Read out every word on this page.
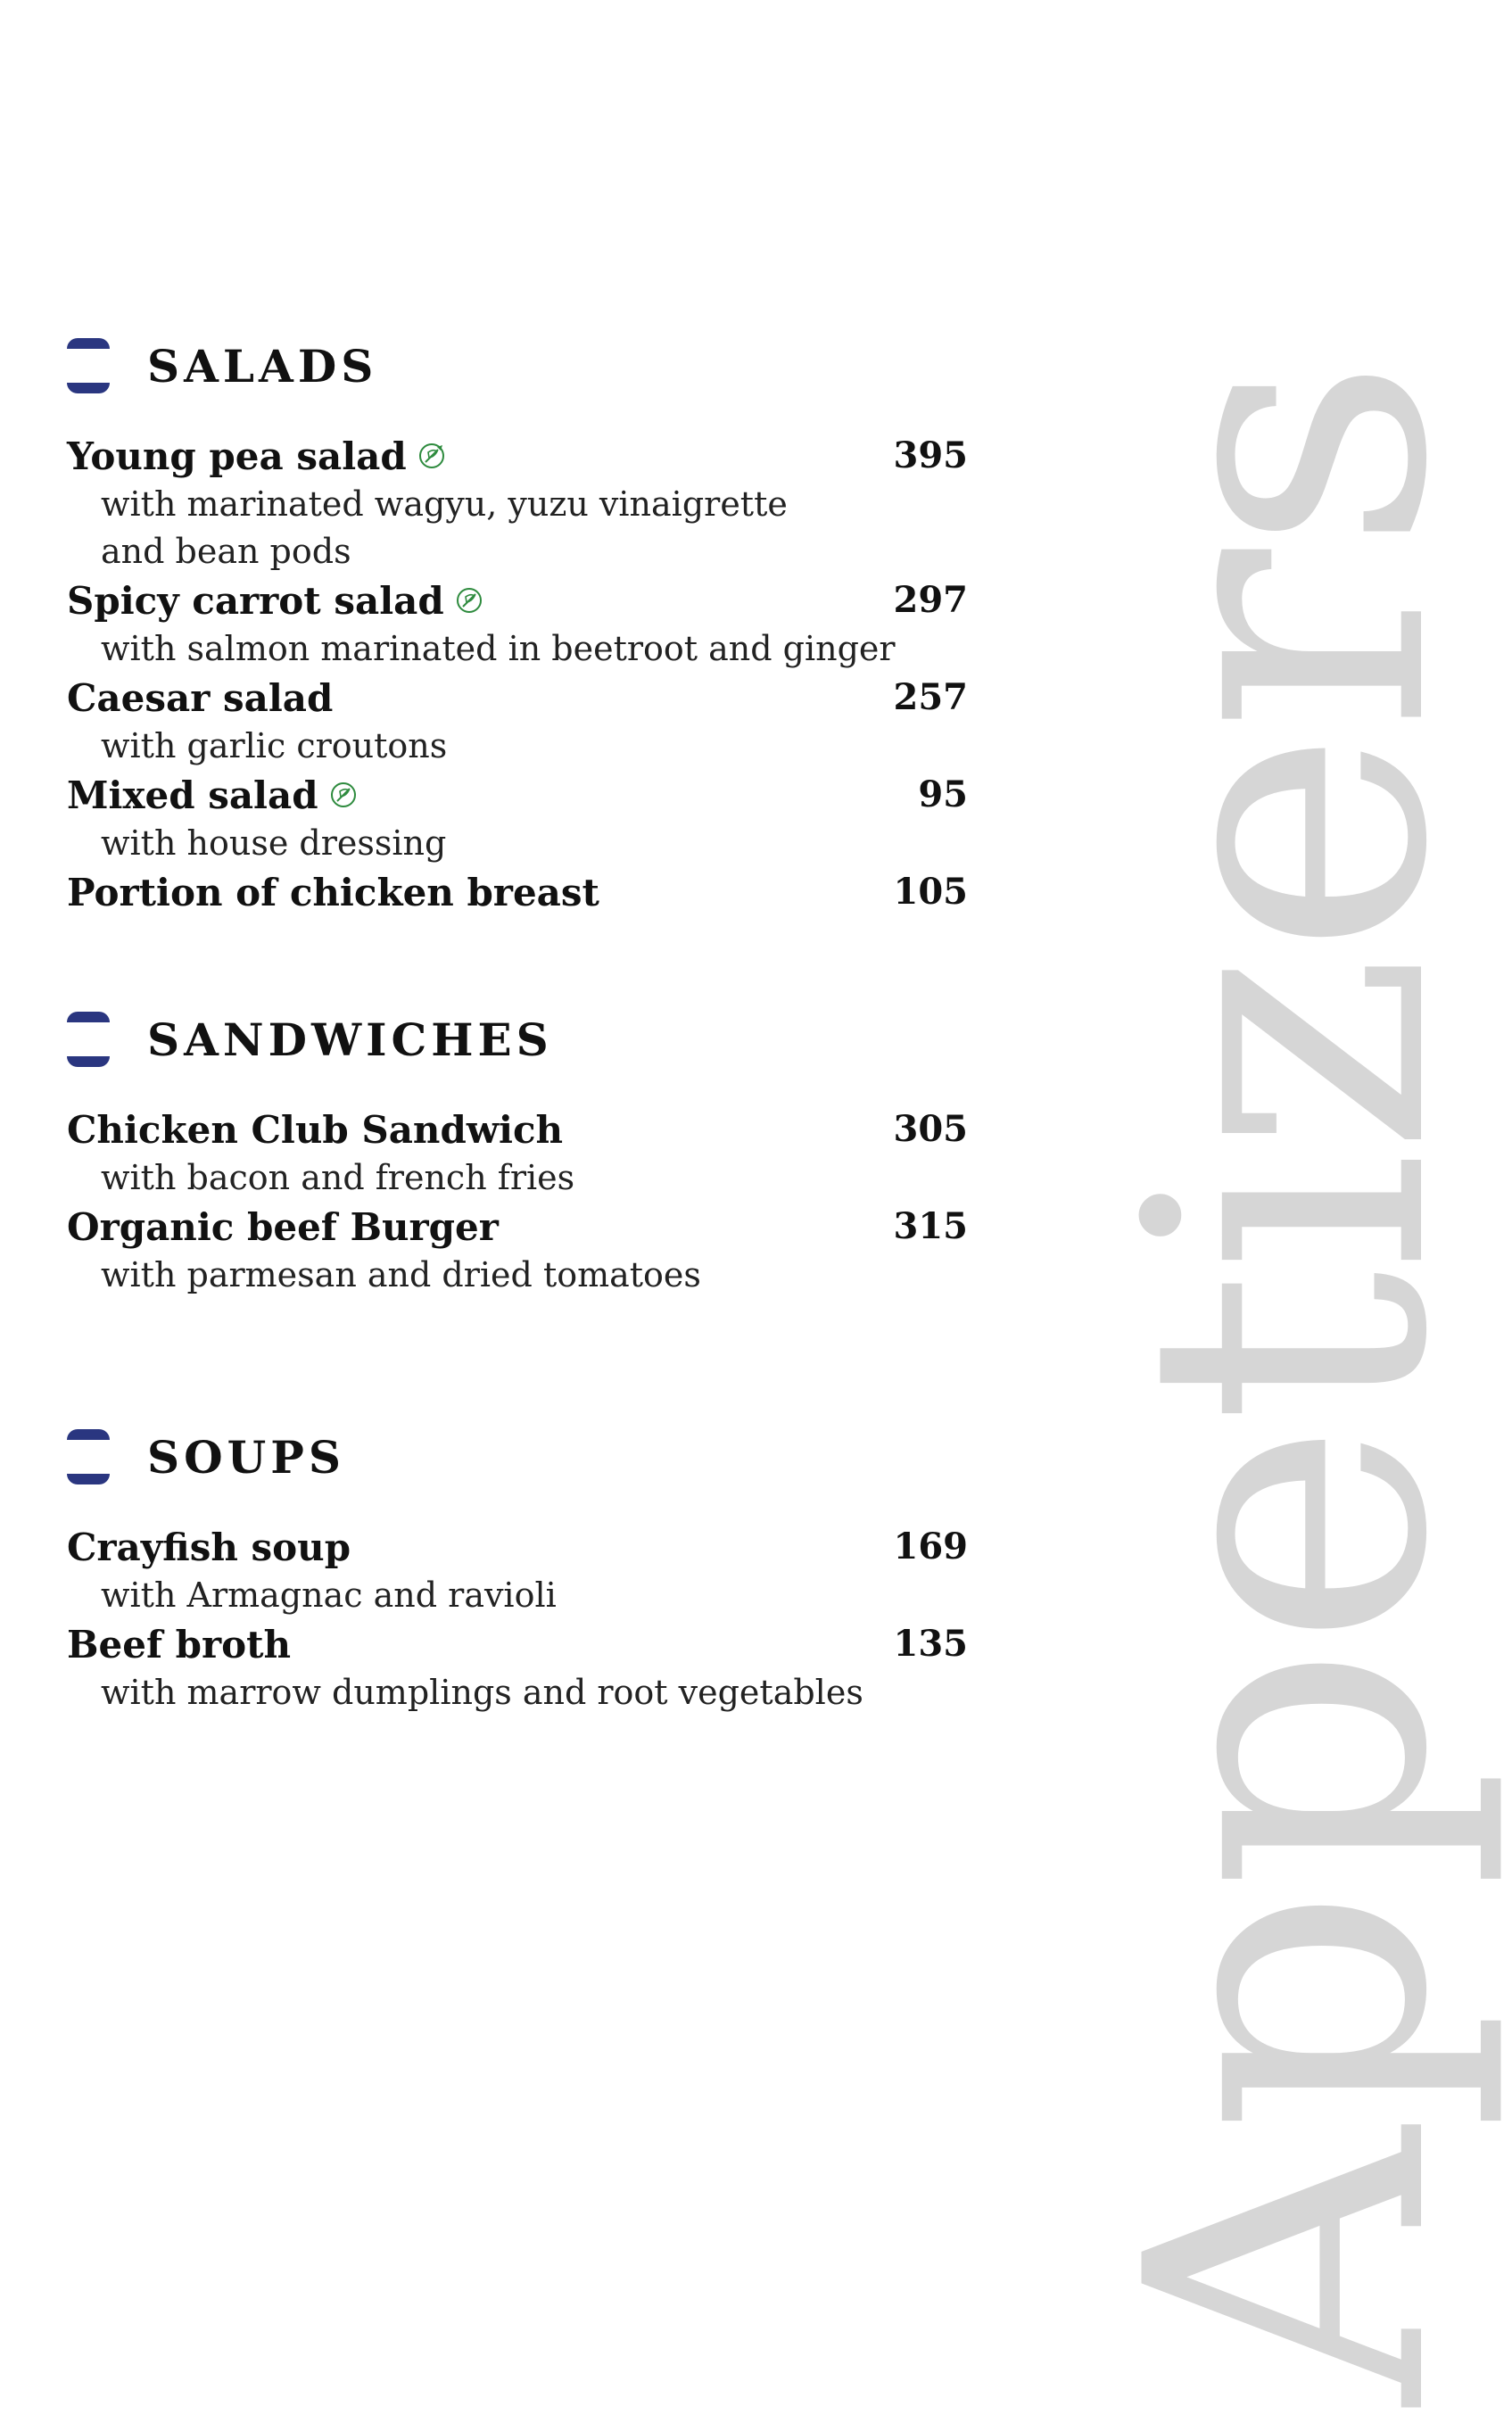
Appetizers
SALADS
Young pea salad	395
with marinated wagyu, yuzu vinaigrette and bean pods
Spicy carrot salad	297
with salmon marinated in beetroot and ginger
Caesar salad	257
with garlic croutons
Mixed salad	95
with house dressing
Portion of chicken breast	105
SANDWICHES
Chicken Club Sandwich	305
with bacon and french fries
Organic beef Burger	315
with parmesan and dried tomatoes
SOUPS
Crayfish soup	169
with Armagnac and ravioli
Beef broth	135
with marrow dumplings and root vegetables
